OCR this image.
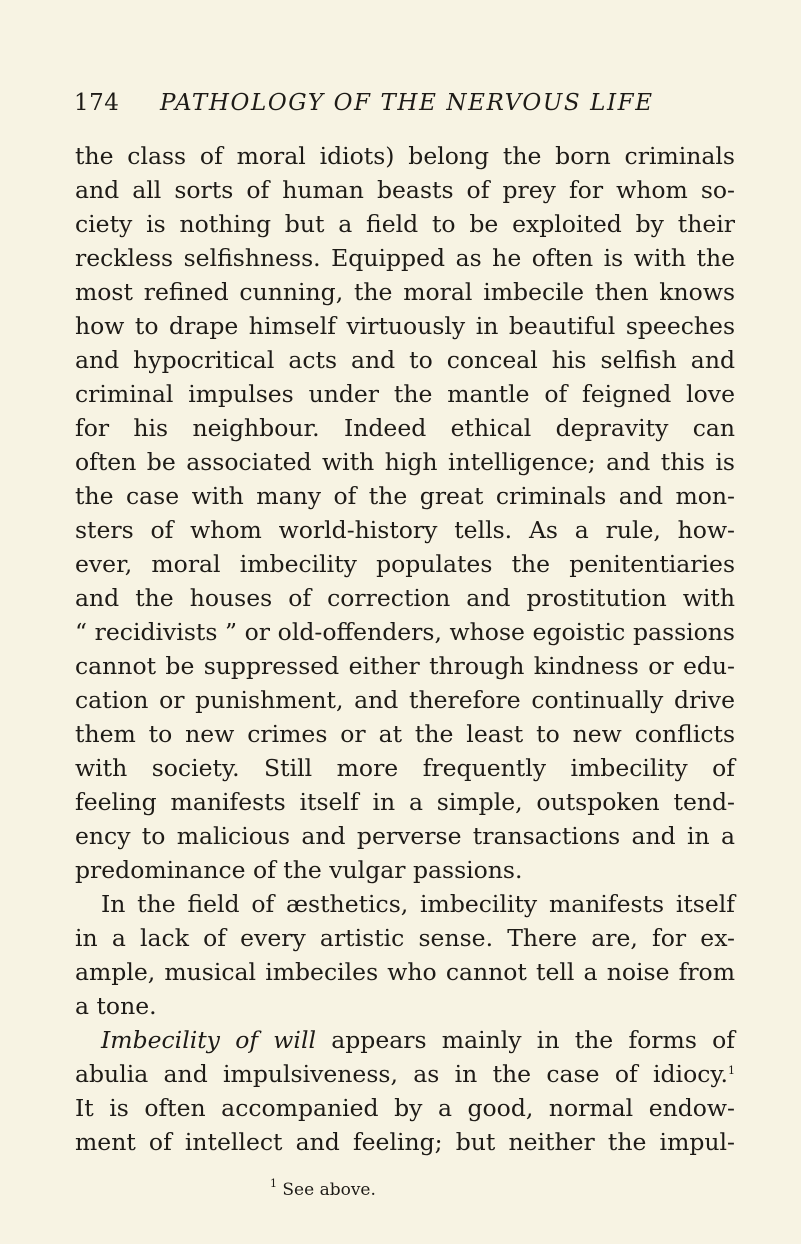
174 PATHOLOGY OF THE NERVOUS LIFE
the class of moral idiots) belong the born criminals
and all sorts of human beasts of prey for whom so-
ciety is nothing but a field to be exploited by their
reckless selfishness. Equipped as he often is with the
most refined cunning, the moral imbecile then knows
how to drape himself virtuously in beautiful speeches
and hypocritical acts and to conceal his selfish and
criminal impulses under the mantle of feigned love
for his neighbour. Indeed ethical depravity can
often be associated with high intelligence; and this is
the case with many of the great criminals and mon-
sters of whom world-history tells. As a rule, how-
ever, moral imbecility populates the penitentiaries
and the houses of correction and prostitution with
“ recidivists ” or old-offenders, whose egoistic passions
cannot be suppressed either through kindness or edu-
cation or punishment, and therefore continually drive
them to new crimes or at the least to new conflicts
with society. Still more frequently imbecility of
feeling manifests itself in a simple, outspoken tend-
ency to malicious and perverse transactions and in a
predominance of the vulgar passions.
In the field of æsthetics, imbecility manifests itself
in a lack of every artistic sense. There are, for ex-
ample, musical imbeciles who cannot tell a noise from
a tone.
Imbecility of will appears mainly in the forms of
abulia and impulsiveness, as in the case of idiocy.$^1$
It is often accompanied by a good, normal endow-
ment of intellect and feeling; but neither the impul-
$^1$ See above.
